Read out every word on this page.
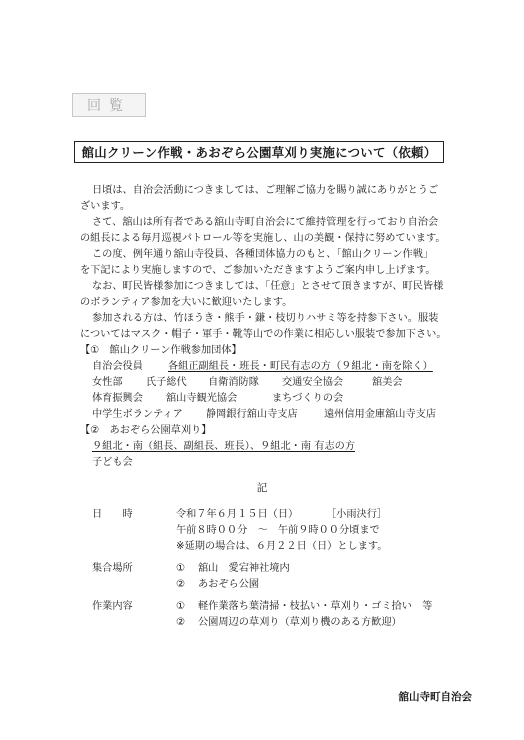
回覧
館山クリーン作戦・あおぞら公園草刈り実施について（依頼）
日頃は、自治会活動につきましては、ご理解ご協力を賜り誠にありがとうご
ざいます。
さて、舘山は所有者である舘山寺町自治会にて維持管理を行っており自治会
の組長による毎月巡視パトロール等を実施し、山の美観・保持に努めています。
この度、例年通り舘山寺役員、各種団体協力のもと、「館山クリーン作戦」
を下記により実施しますので、ご参加いただきますようご案内申し上げます。
なお、町民皆様参加につきましては、「任意」とさせて頂きますが、町民皆様
のボランティア参加を大いに歓迎いたします。
参加される方は、竹ほうき・熊手・鎌・枝切りハサミ等を持参下さい。服装
についてはマスク・帽子・軍手・靴等山での作業に相応しい服装で参加下さい。
【①　館山クリーン作戦参加団体】
自治会役員 各組正副組長・班長・町民有志の方（９組北・南を除く）
女性部 氏子総代 自衛消防隊 交通安全協会	舘美会
体育振興会 舘山寺観光協会	まちづくりの会
中学生ボランティア 静岡銀行舘山寺支店	遠州信用金庫舘山寺支店
【②　あおぞら公園草刈り】
９組北・南（組長、副組長、班長）、９組北・南 有志の方
子ども会
記
日　　時	令和７年６月１５日（日）	［小雨決行］
午前８時００分　～　午前９時００分頃まで
※延期の場合は、６月２２日（日）とします。
集合場所	① 舘山　愛宕神社境内
② あおぞら公園
作業内容	① 軽作業落ち葉清掃・枝払い・草刈り・ゴミ拾い　等
② 公園周辺の草刈り（草刈り機のある方歓迎）
舘山寺町自治会
